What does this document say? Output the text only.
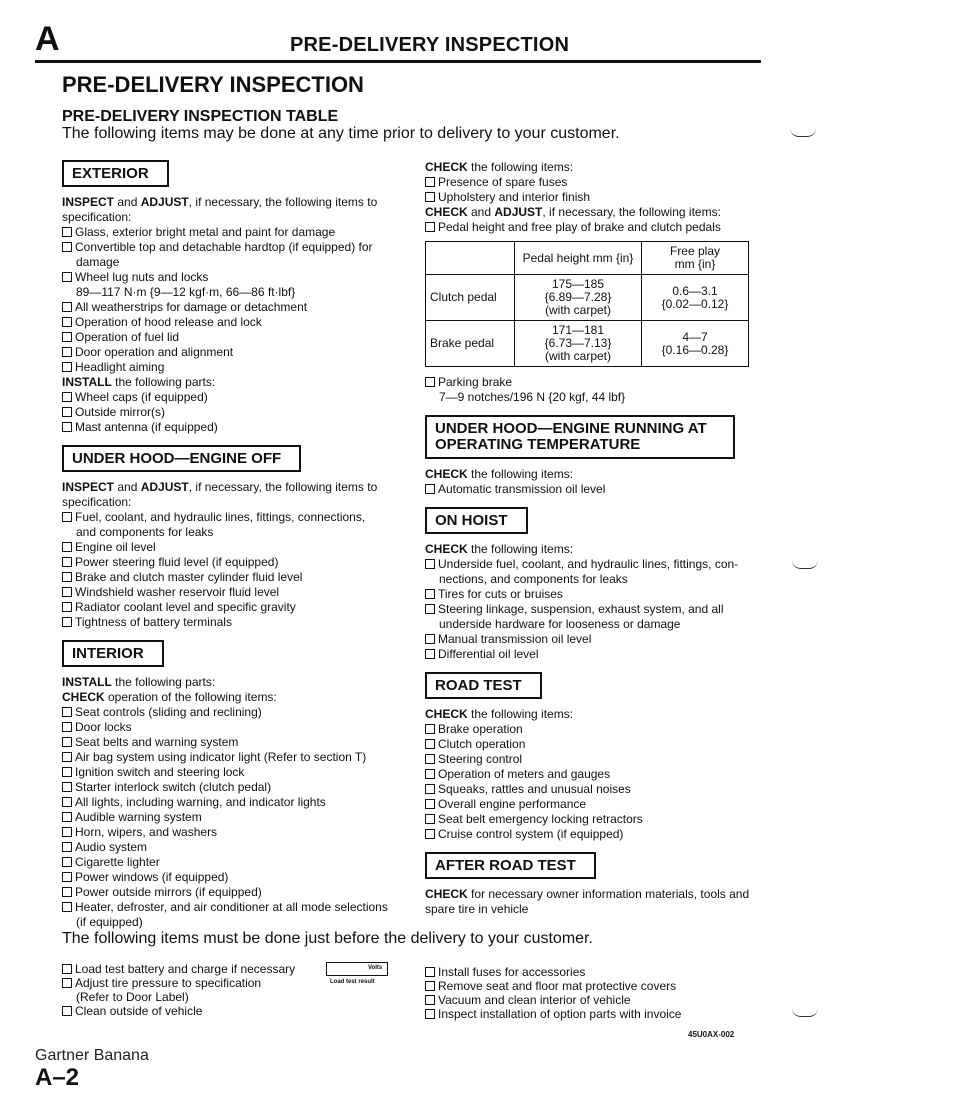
A	PRE-DELIVERY INSPECTION
PRE-DELIVERY INSPECTION
PRE-DELIVERY INSPECTION TABLE
The following items may be done at any time prior to delivery to your customer.
EXTERIOR
INSPECT and ADJUST, if necessary, the following items to specification:
Glass, exterior bright metal and paint for damage
Convertible top and detachable hardtop (if equipped) for
damage
Wheel lug nuts and locks
89—117 N·m {9—12 kgf·m, 66—86 ft·lbf}
All weatherstrips for damage or detachment
Operation of hood release and lock
Operation of fuel lid
Door operation and alignment
Headlight aiming
INSTALL the following parts:
Wheel caps (if equipped)
Outside mirror(s)
Mast antenna (if equipped)
UNDER HOOD—ENGINE OFF
INSPECT and ADJUST, if necessary, the following items to specification:
Fuel, coolant, and hydraulic lines, fittings, connections,
and components for leaks
Engine oil level
Power steering fluid level (if equipped)
Brake and clutch master cylinder fluid level
Windshield washer reservoir fluid level
Radiator coolant level and specific gravity
Tightness of battery terminals
INTERIOR
INSTALL the following parts:
CHECK operation of the following items:
Seat controls (sliding and reclining)
Door locks
Seat belts and warning system
Air bag system using indicator light (Refer to section T)
Ignition switch and steering lock
Starter interlock switch (clutch pedal)
All lights, including warning, and indicator lights
Audible warning system
Horn, wipers, and washers
Audio system
Cigarette lighter
Power windows (if equipped)
Power outside mirrors (if equipped)
Heater, defroster, and air conditioner at all mode selections
(if equipped)
CHECK the following items:
Presence of spare fuses
Upholstery and interior finish
CHECK and ADJUST, if necessary, the following items:
Pedal height and free play of brake and clutch pedals
	Pedal height mm {in}	Free play
mm {in}

Clutch pedal	175—185
{6.89—7.28}
(with carpet)	0.6—3.1
{0.02—0.12}

Brake pedal	171—181
{6.73—7.13}
(with carpet)	4—7
{0.16—0.28}
Parking brake
7—9 notches/196 N {20 kgf, 44 lbf}
UNDER HOOD—ENGINE RUNNING AT
OPERATING TEMPERATURE
CHECK the following items:
Automatic transmission oil level
ON HOIST
CHECK the following items:
Underside fuel, coolant, and hydraulic lines, fittings, con-
nections, and components for leaks
Tires for cuts or bruises
Steering linkage, suspension, exhaust system, and all
underside hardware for looseness or damage
Manual transmission oil level
Differential oil level
ROAD TEST
CHECK the following items:
Brake operation
Clutch operation
Steering control
Operation of meters and gauges
Squeaks, rattles and unusual noises
Overall engine performance
Seat belt emergency locking retractors
Cruise control system (if equipped)
AFTER ROAD TEST
CHECK for necessary owner information materials, tools and
spare tire in vehicle
The following items must be done just before the delivery to your customer.
Load test battery and charge if necessary
Adjust tire pressure to specification
(Refer to Door Label)
Clean outside of vehicle
Volts
Load test result
Install fuses for accessories
Remove seat and floor mat protective covers
Vacuum and clean interior of vehicle
Inspect installation of option parts with invoice
45U0AX-002
Gartner Banana
A–2
